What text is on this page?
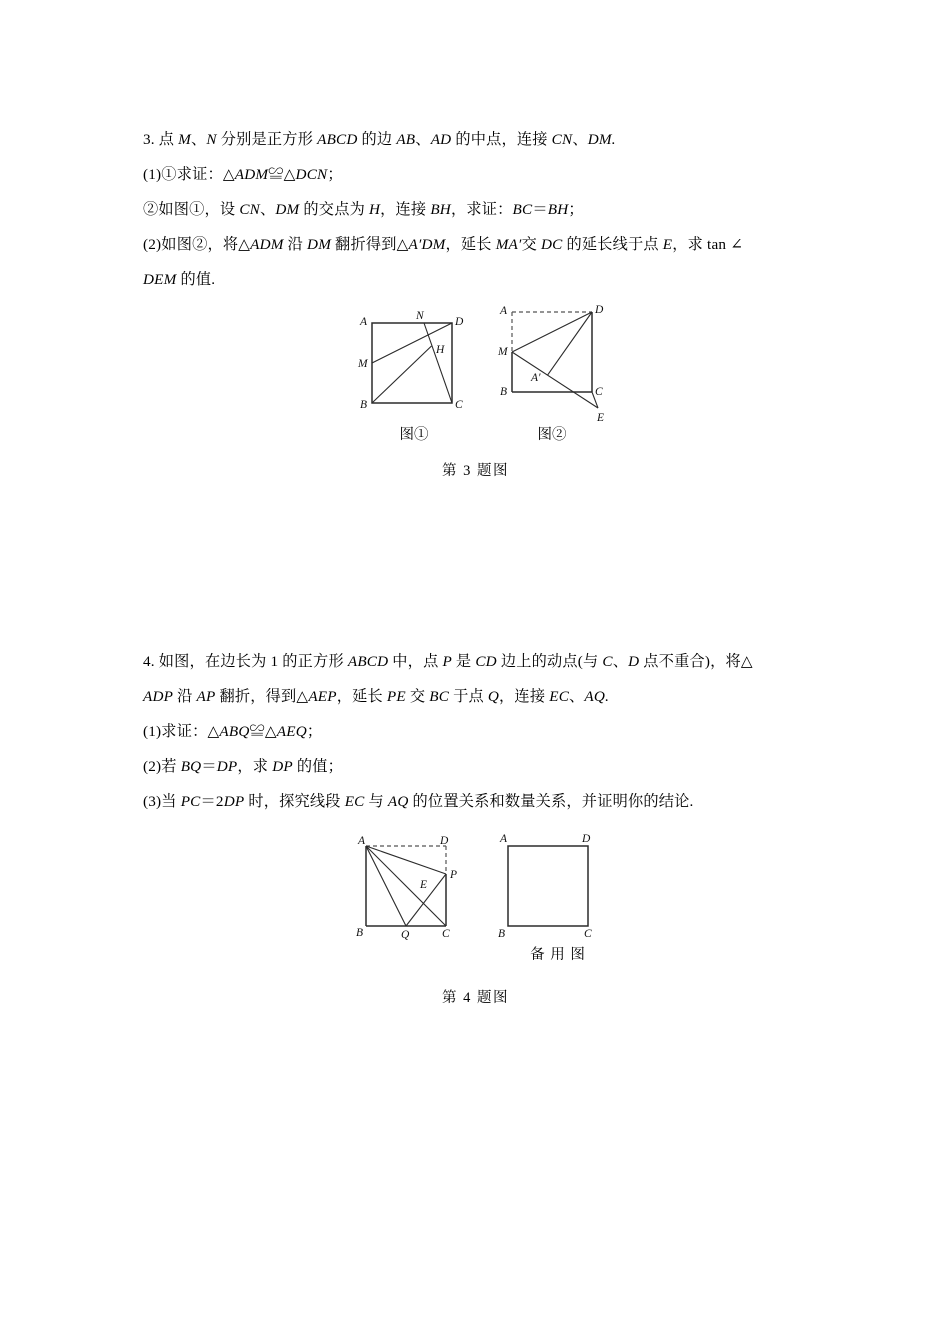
3. 点 M、N 分别是正方形 ABCD 的边 AB、AD 的中点，连接 CN、DM.
(1)①求证：△ADM≌△DCN；
②如图①，设 CN、DM 的交点为 H，连接 BH，求证：BC＝BH；
(2)如图②，将△ADM 沿 DM 翻折得到△A′DM，延长 MA′交 DC 的延长线于点 E，求 tan ∠
DEM 的值.
A	N	D
M
H
B	C
图①
A	D
M
A′
B	C
E
图②
第 3 题图
4. 如图，在边长为 1 的正方形 ABCD 中，点 P 是 CD 边上的动点(与 C、D 点不重合)，将△
ADP 沿 AP 翻折，得到△AEP，延长 PE 交 BC 于点 Q，连接 EC、AQ.
(1)求证：△ABQ≌△AEQ；
(2)若 BQ＝DP，求 DP 的值；
(3)当 PC＝2DP 时，探究线段 EC 与 AQ 的位置关系和数量关系，并证明你的结论.
A	D
P
E
B	Q	C
A	D
B	C
备 用 图
第 4 题图
